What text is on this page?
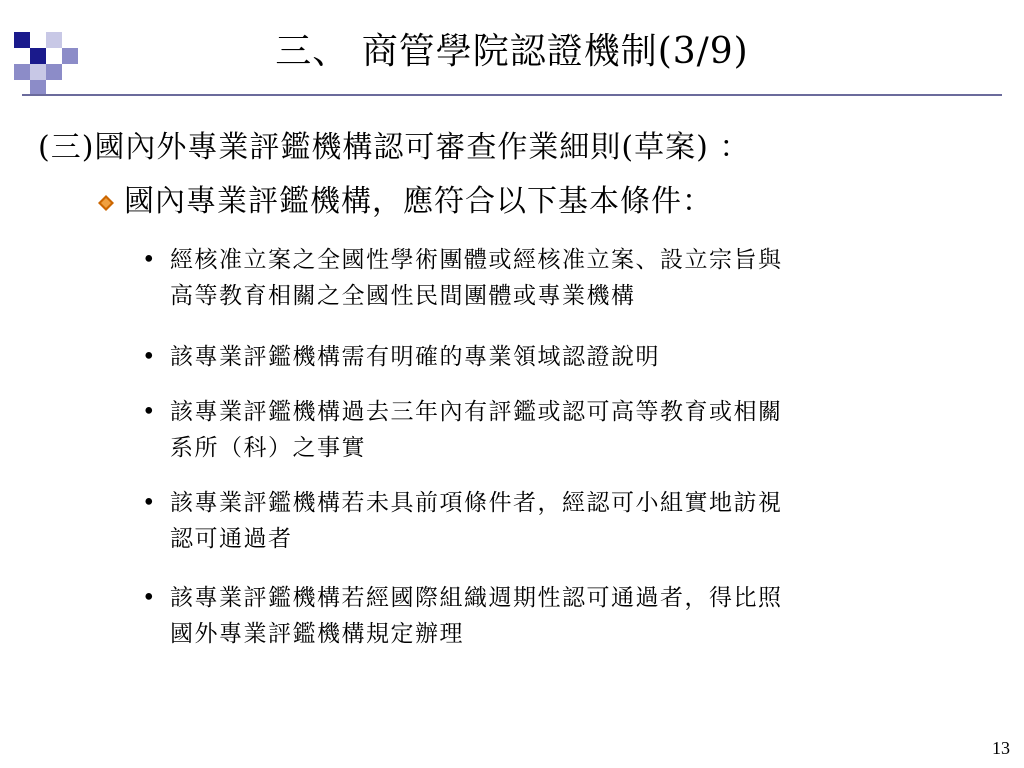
三、 商管學院認證機制(3/9)
(三)國內外專業評鑑機構認可審查作業細則(草案) ：
國內專業評鑑機構，應符合以下基本條件：
• 經核准立案之全國性學術團體或經核准立案、設立宗旨與
高等教育相關之全國性民間團體或專業機構
• 該專業評鑑機構需有明確的專業領域認證說明
• 該專業評鑑機構過去三年內有評鑑或認可高等教育或相關
系所（科）之事實
• 該專業評鑑機構若未具前項條件者，經認可小組實地訪視
認可通過者
• 該專業評鑑機構若經國際組織週期性認可通過者，得比照
國外專業評鑑機構規定辦理
13
